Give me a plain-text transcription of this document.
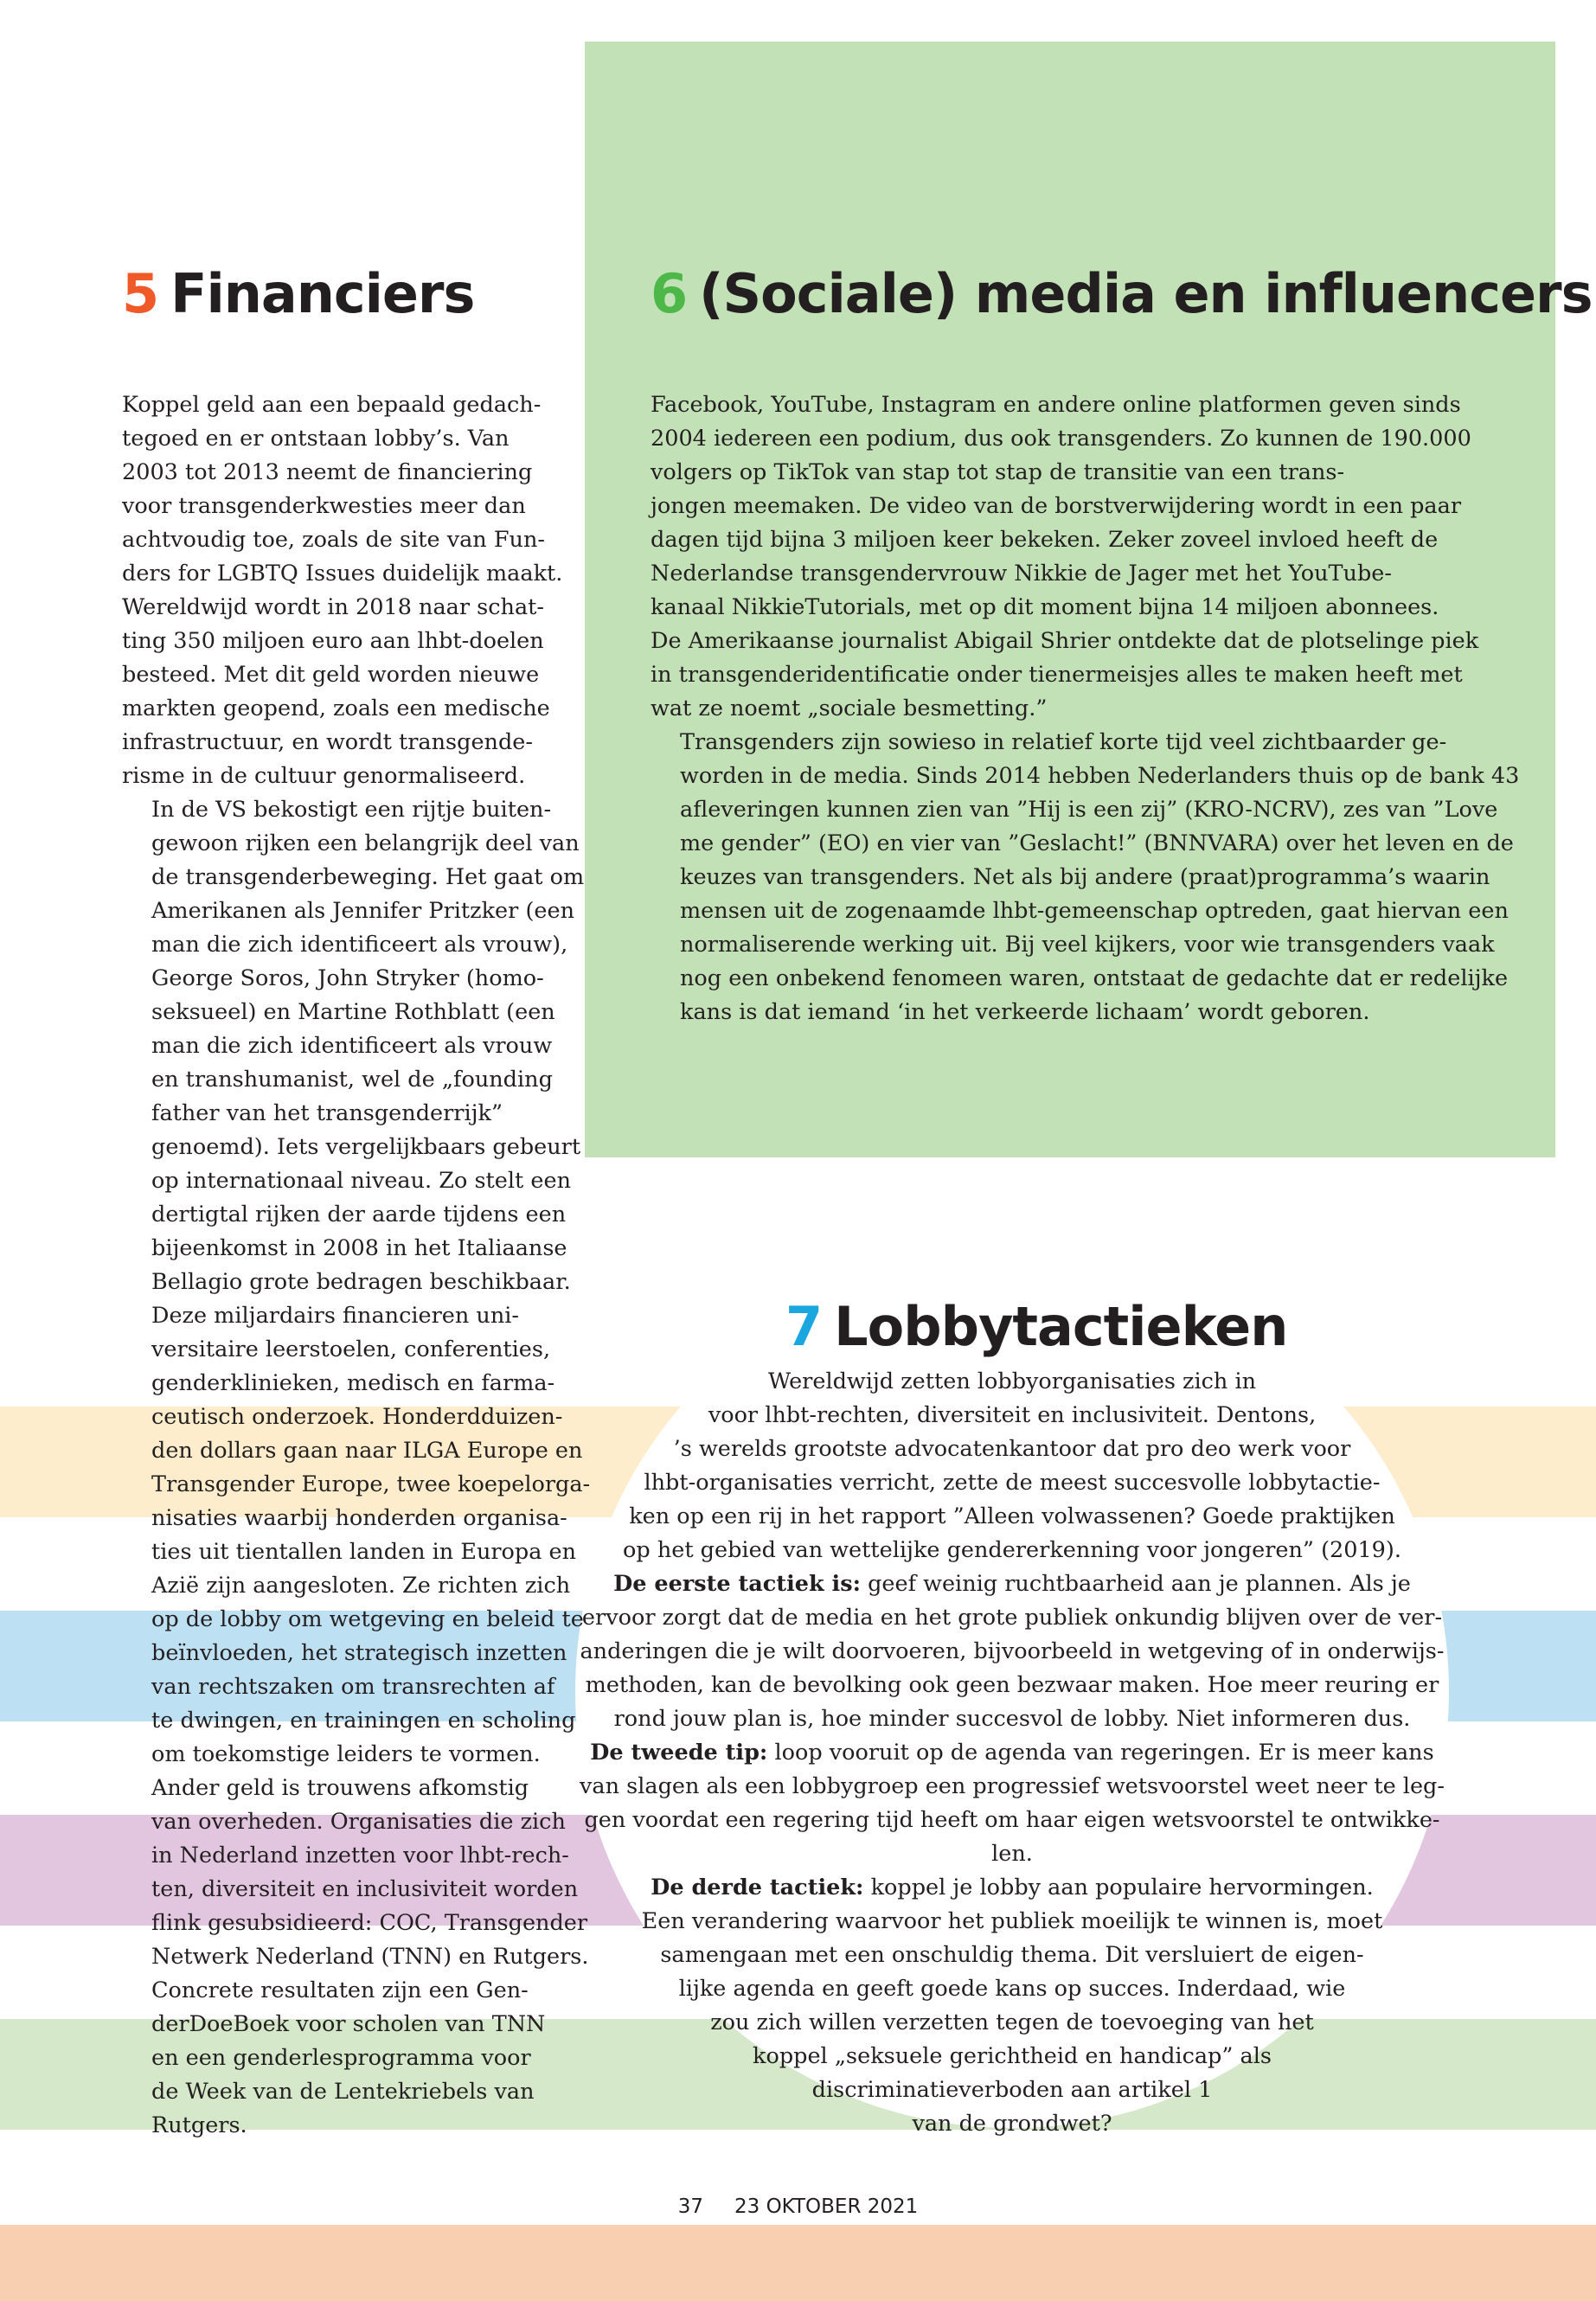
5 Financiers

Koppel geld aan een bepaald gedach-
tegoed en er ontstaan lobby’s. Van
2003 tot 2013 neemt de financiering
voor transgenderkwesties meer dan
achtvoudig toe, zoals de site van Fun-
ders for LGBTQ Issues duidelijk maakt.
Wereldwijd wordt in 2018 naar schat-
ting 350 miljoen euro aan lhbt-doelen
besteed. Met dit geld worden nieuwe
markten geopend, zoals een medische
infrastructuur, en wordt transgende-
risme in de cultuur genormaliseerd.

In de VS bekostigt een rijtje buiten-
gewoon rijken een belangrijk deel van
de transgenderbeweging. Het gaat om
Amerikanen als Jennifer Pritzker (een
man die zich identificeert als vrouw),
George Soros, John Stryker (homo-
seksueel) en Martine Rothblatt (een
man die zich identificeert als vrouw
en transhumanist, wel de „founding
father van het transgenderrijk”
genoemd). Iets vergelijkbaars gebeurt
op internationaal niveau. Zo stelt een
dertigtal rijken der aarde tijdens een
bijeenkomst in 2008 in het Italiaanse
Bellagio grote bedragen beschikbaar.

Deze miljardairs financieren uni-
versitaire leerstoelen, conferenties,
genderklinieken, medisch en farma-
ceutisch onderzoek. Honderdduizen-
den dollars gaan naar ILGA Europe en
Transgender Europe, twee koepelorga-
nisaties waarbij honderden organisa-
ties uit tientallen landen in Europa en
Azië zijn aangesloten. Ze richten zich
op de lobby om wetgeving en beleid te
beïnvloeden, het strategisch inzetten
van rechtszaken om transrechten af
te dwingen, en trainingen en scholing
om toekomstige leiders te vormen.

Ander geld is trouwens afkomstig
van overheden. Organisaties die zich
in Nederland inzetten voor lhbt-rech-
ten, diversiteit en inclusiviteit worden
flink gesubsidieerd: COC, Transgender
Netwerk Nederland (TNN) en Rutgers.
Concrete resultaten zijn een Gen-
derDoeBoek voor scholen van TNN
en een genderlesprogramma voor
de Week van de Lentekriebels van
Rutgers.

6 (Sociale) media en influencers

Facebook, YouTube, Instagram en andere online platformen geven sinds
2004 iedereen een podium, dus ook transgenders. Zo kunnen de 190.000
volgers op TikTok van stap tot stap de transitie van een trans-
jongen meemaken. De video van de borstverwijdering wordt in een paar
dagen tijd bijna 3 miljoen keer bekeken. Zeker zoveel invloed heeft de
Nederlandse transgendervrouw Nikkie de Jager met het YouTube-
kanaal NikkieTutorials, met op dit moment bijna 14 miljoen abonnees.
De Amerikaanse journalist Abigail Shrier ontdekte dat de plotselinge piek
in transgenderidentificatie onder tienermeisjes alles te maken heeft met
wat ze noemt „sociale besmetting.”

Transgenders zijn sowieso in relatief korte tijd veel zichtbaarder ge-
worden in de media. Sinds 2014 hebben Nederlanders thuis op de bank 43
afleveringen kunnen zien van ”Hij is een zij” (KRO-NCRV), zes van ”Love
me gender” (EO) en vier van ”Geslacht!” (BNNVARA) over het leven en de
keuzes van transgenders. Net als bij andere (praat)programma’s waarin
mensen uit de zogenaamde lhbt-gemeenschap optreden, gaat hiervan een
normaliserende werking uit. Bij veel kijkers, voor wie transgenders vaak
nog een onbekend fenomeen waren, ontstaat de gedachte dat er redelijke
kans is dat iemand ‘in het verkeerde lichaam’ wordt geboren.

7 Lobbytactieken

Wereldwijd zetten lobbyorganisaties zich in
voor lhbt-rechten, diversiteit en inclusiviteit. Dentons,
’s werelds grootste advocatenkantoor dat pro deo werk voor
lhbt-organisaties verricht, zette de meest succesvolle lobbytactie-
ken op een rij in het rapport ”Alleen volwassenen? Goede praktijken
op het gebied van wettelijke gendererkenning voor jongeren” (2019).

De eerste tactiek is: geef weinig ruchtbaarheid aan je plannen. Als je
ervoor zorgt dat de media en het grote publiek onkundig blijven over de ver-
anderingen die je wilt doorvoeren, bijvoorbeeld in wetgeving of in onderwijs-
methoden, kan de bevolking ook geen bezwaar maken. Hoe meer reuring er
rond jouw plan is, hoe minder succesvol de lobby. Niet informeren dus.

De tweede tip: loop vooruit op de agenda van regeringen. Er is meer kans
van slagen als een lobbygroep een progressief wetsvoorstel weet neer te leg-
gen voordat een regering tijd heeft om haar eigen wetsvoorstel te ontwikke-
len.

De derde tactiek: koppel je lobby aan populaire hervormingen.
Een verandering waarvoor het publiek moeilijk te winnen is, moet
samengaan met een onschuldig thema. Dit versluiert de eigen-
lijke agenda en geeft goede kans op succes. Inderdaad, wie
zou zich willen verzetten tegen de toevoeging van het
koppel „seksuele gerichtheid en handicap” als
discriminatieverboden aan artikel 1
van de grondwet?

37 23 OKTOBER 2021
